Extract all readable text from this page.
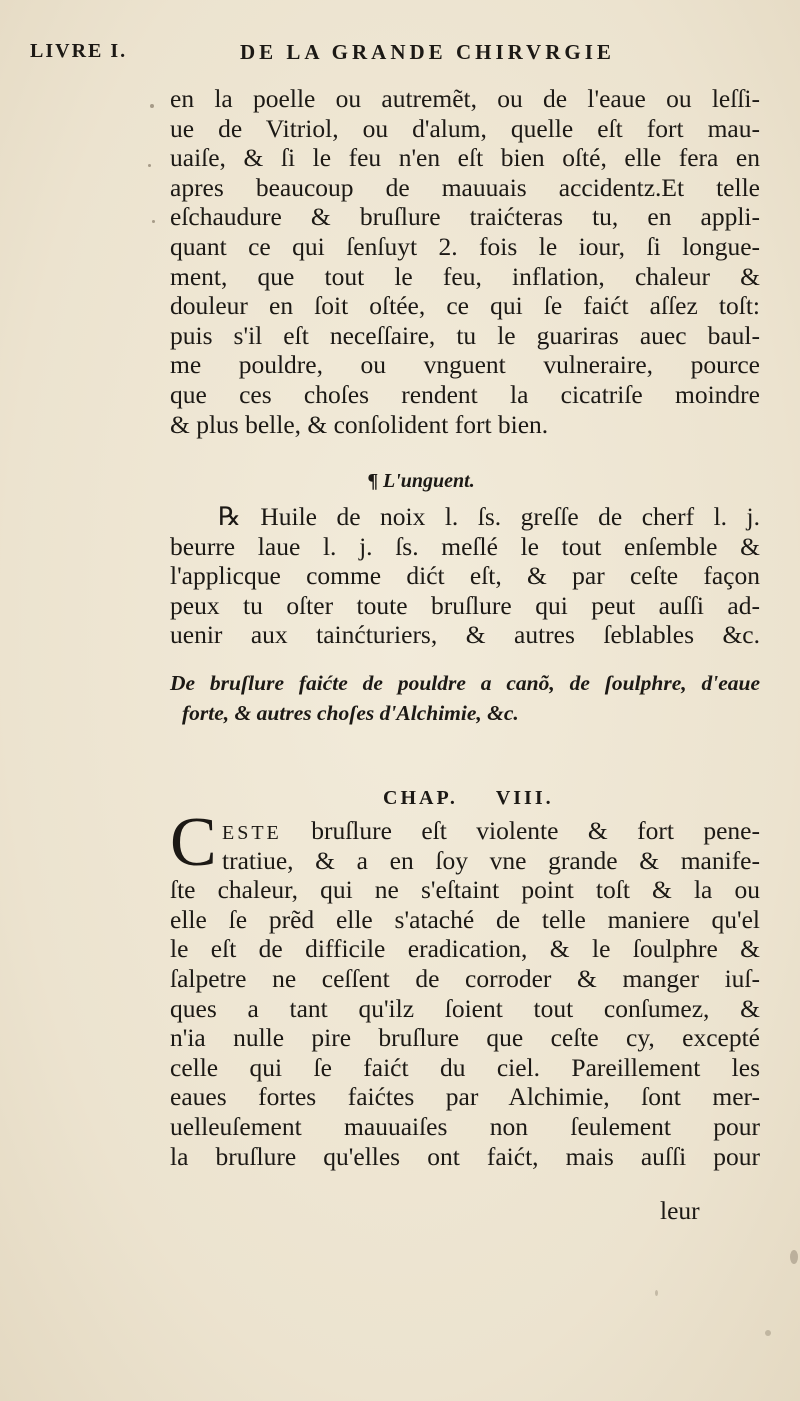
LIVRE I.	DE LA GRANDE CHIRVRGIE
en la poelle ou autremẽt, ou de l'eaue ou leſſi-
ue de Vitriol, ou d'alum, quelle eſt fort mau-
uaiſe, & ſi le feu n'en eſt bien oſté, elle fera en
apres beaucoup de mauuais accidentz.Et telle
eſchaudure & bruſlure traićteras tu, en appli-
quant ce qui ſenſuyt 2. fois le iour, ſi longue-
ment, que tout le feu, inflation, chaleur &
douleur en ſoit oſtée, ce qui ſe faićt aſſez toſt:
puis s'il eſt neceſſaire, tu le guariras auec baul-
me pouldre, ou vnguent vulneraire, pource
que ces choſes rendent la cicatriſe moindre
& plus belle, & conſolident fort bien.
¶ L'unguent.
℞ Huile de noix l. ſs. greſſe de cherf l. j.
beurre laue l. j. ſs. meſlé le tout enſemble &
l'applicque comme dićt eſt, & par ceſte façon
peux tu oſter toute bruſlure qui peut auſſi ad-
uenir aux tainćturiers, & autres ſeblables &c.
De bruſlure faićte de pouldre a canõ, de ſoulphre, d'eaue
forte, & autres choſes d'Alchimie, &c.
CHAP. VIII.
C ESTE bruſlure eſt violente & fort pene-
tratiue, & a en ſoy vne grande & manife-
ſte chaleur, qui ne s'eſtaint point toſt & la ou
elle ſe prẽd elle s'ataché de telle maniere qu'el
le eſt de difficile eradication, & le ſoulphre &
ſalpetre ne ceſſent de corroder & manger iuſ-
ques a tant qu'ilz ſoient tout conſumez, &
n'ia nulle pire bruſlure que ceſte cy, excepté
celle qui ſe faićt du ciel. Pareillement les
eaues fortes faićtes par Alchimie, ſont mer-
uelleuſement mauuaiſes non ſeulement pour
la bruſlure qu'elles ont faićt, mais auſſi pour
leur
